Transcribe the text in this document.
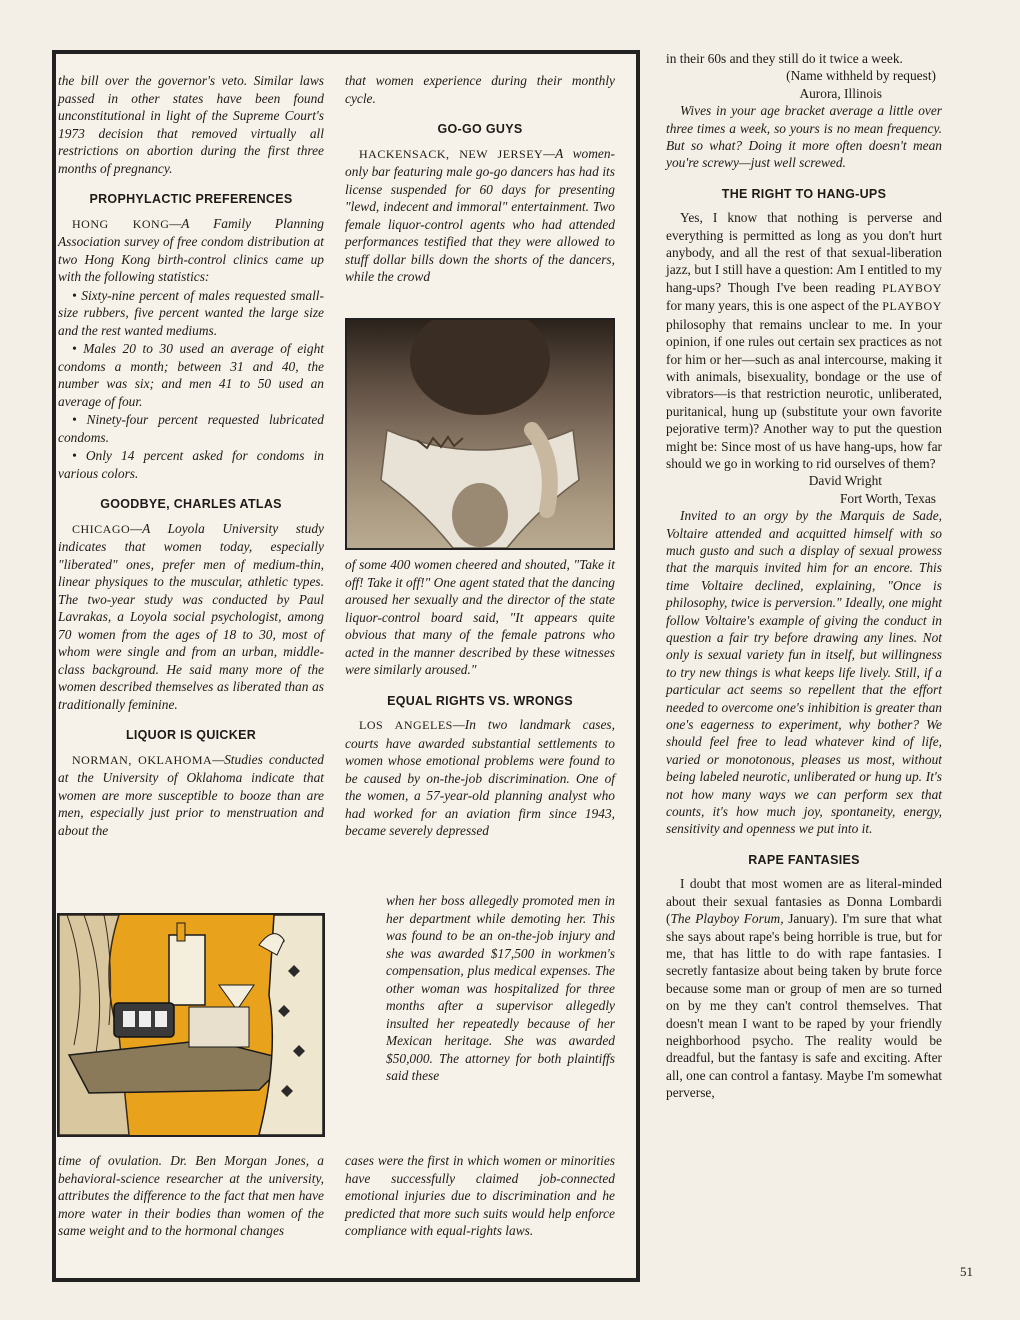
the bill over the governor's veto. Similar laws passed in other states have been found unconstitutional in light of the Supreme Court's 1973 decision that removed virtually all restrictions on abortion during the first three months of pregnancy.

PROPHYLACTIC PREFERENCES

HONG KONG—A Family Planning Association survey of free condom distribution at two Hong Kong birth-control clinics came up with the following statistics:

• Sixty-nine percent of males requested small-size rubbers, five percent wanted the large size and the rest wanted mediums.

• Males 20 to 30 used an average of eight condoms a month; between 31 and 40, the number was six; and men 41 to 50 used an average of four.

• Ninety-four percent requested lubricated condoms.

• Only 14 percent asked for condoms in various colors.

GOODBYE, CHARLES ATLAS

CHICAGO—A Loyola University study indicates that women today, especially "liberated" ones, prefer men of medium-thin, linear physiques to the muscular, athletic types. The two-year study was conducted by Paul Lavrakas, a Loyola social psychologist, among 70 women from the ages of 18 to 30, most of whom were single and from an urban, middle-class background. He said many more of the women described themselves as liberated than as traditionally feminine.

LIQUOR IS QUICKER

NORMAN, OKLAHOMA—Studies conducted at the University of Oklahoma indicate that women are more susceptible to booze than are men, especially just prior to menstruation and about the

time of ovulation. Dr. Ben Morgan Jones, a behavioral-science researcher at the university, attributes the difference to the fact that men have more water in their bodies than women of the same weight and to the hormonal changes

that women experience during their monthly cycle.

GO-GO GUYS

HACKENSACK, NEW JERSEY—A women-only bar featuring male go-go dancers has had its license suspended for 60 days for presenting "lewd, indecent and immoral" entertainment. Two female liquor-control agents who had attended performances testified that they were allowed to stuff dollar bills down the shorts of the dancers, while the crowd

of some 400 women cheered and shouted, "Take it off! Take it off!" One agent stated that the dancing aroused her sexually and the director of the state liquor-control board said, "It appears quite obvious that many of the female patrons who acted in the manner described by these witnesses were similarly aroused."

EQUAL RIGHTS VS. WRONGS

LOS ANGELES—In two landmark cases, courts have awarded substantial settlements to women whose emotional problems were found to be caused by on-the-job discrimination. One of the women, a 57-year-old planning analyst who had worked for an aviation firm since 1943, became severely depressed

when her boss allegedly promoted men in her department while demoting her. This was found to be an on-the-job injury and she was awarded $17,500 in workmen's compensation, plus medical expenses. The other woman was hospitalized for three months after a supervisor allegedly insulted her repeatedly because of her Mexican heritage. She was awarded $50,000. The attorney for both plaintiffs said these

cases were the first in which women or minorities have successfully claimed job-connected emotional injuries due to discrimination and he predicted that more such suits would help enforce compliance with equal-rights laws.

in their 60s and they still do it twice a week.

(Name withheld by request)

Aurora, Illinois

Wives in your age bracket average a little over three times a week, so yours is no mean frequency. But so what? Doing it more often doesn't mean you're screwy—just well screwed.

THE RIGHT TO HANG-UPS

Yes, I know that nothing is perverse and everything is permitted as long as you don't hurt anybody, and all the rest of that sexual-liberation jazz, but I still have a question: Am I entitled to my hang-ups? Though I've been reading PLAYBOY for many years, this is one aspect of the PLAYBOY philosophy that remains unclear to me. In your opinion, if one rules out certain sex practices as not for him or her—such as anal intercourse, making it with animals, bisexuality, bondage or the use of vibrators—is that restriction neurotic, unliberated, puritanical, hung up (substitute your own favorite pejorative term)? Another way to put the question might be: Since most of us have hang-ups, how far should we go in working to rid ourselves of them?

David Wright

Fort Worth, Texas

Invited to an orgy by the Marquis de Sade, Voltaire attended and acquitted himself with so much gusto and such a display of sexual prowess that the marquis invited him for an encore. This time Voltaire declined, explaining, "Once is philosophy, twice is perversion." Ideally, one might follow Voltaire's example of giving the conduct in question a fair try before drawing any lines. Not only is sexual variety fun in itself, but willingness to try new things is what keeps life lively. Still, if a particular act seems so repellent that the effort needed to overcome one's inhibition is greater than one's eagerness to experiment, why bother? We should feel free to lead whatever kind of life, varied or monotonous, pleases us most, without being labeled neurotic, unliberated or hung up. It's not how many ways we can perform sex that counts, it's how much joy, spontaneity, energy, sensitivity and openness we put into it.

RAPE FANTASIES

I doubt that most women are as literal-minded about their sexual fantasies as Donna Lombardi (The Playboy Forum, January). I'm sure that what she says about rape's being horrible is true, but for me, that has little to do with rape fantasies. I secretly fantasize about being taken by brute force because some man or group of men are so turned on by me they can't control themselves. That doesn't mean I want to be raped by your friendly neighborhood psycho. The reality would be dreadful, but the fantasy is safe and exciting. After all, one can control a fantasy. Maybe I'm somewhat perverse,

51
